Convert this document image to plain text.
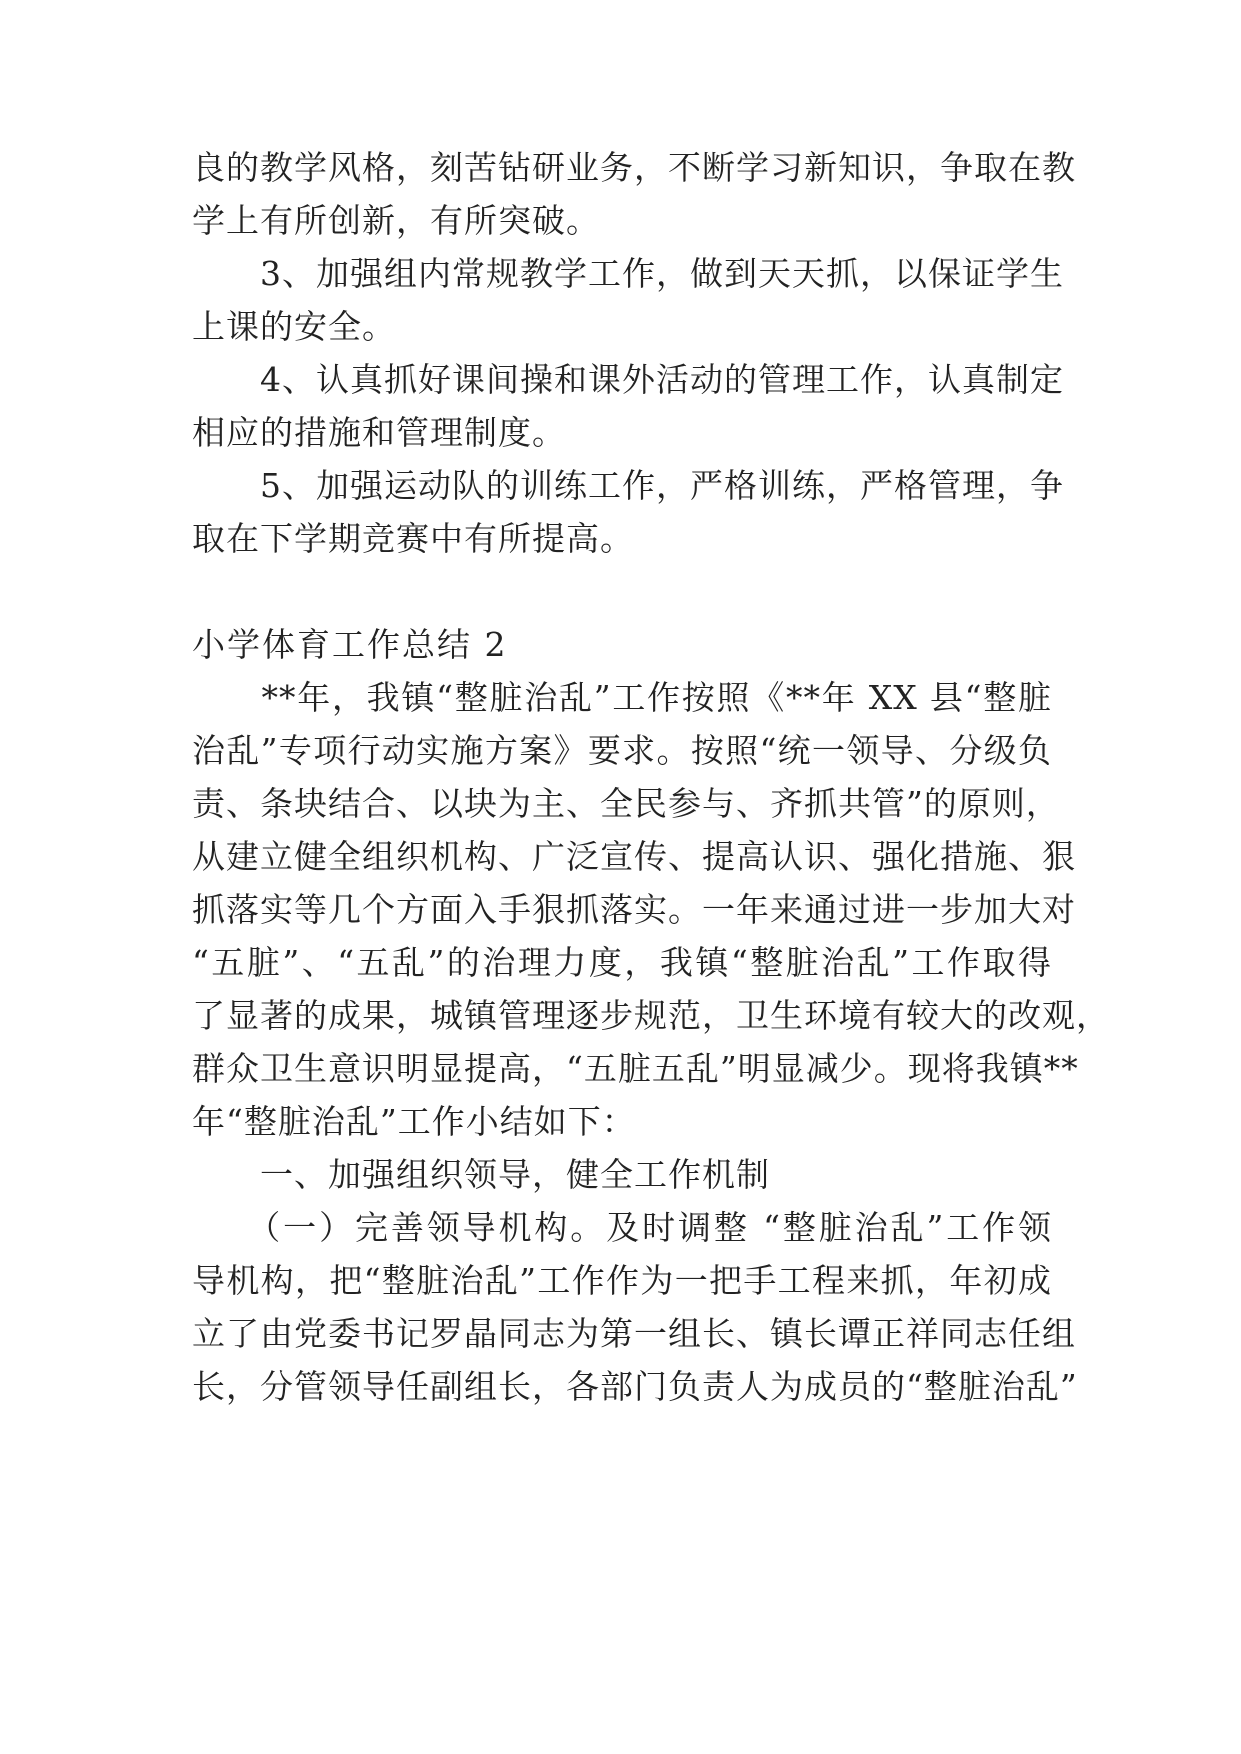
良的教学风格，刻苦钻研业务，不断学习新知识，争取在教
学上有所创新，有所突破。
　　3、加强组内常规教学工作，做到天天抓，以保证学生
上课的安全。
　　4、认真抓好课间操和课外活动的管理工作，认真制定
相应的措施和管理制度。
　　5、加强运动队的训练工作，严格训练，严格管理，争
取在下学期竞赛中有所提高。
小学体育工作总结 2
　　**年，我镇“整脏治乱”工作按照《**年 XX 县“整脏
治乱”专项行动实施方案》要求。按照“统一领导、分级负
责、条块结合、以块为主、全民参与、齐抓共管”的原则，
从建立健全组织机构、广泛宣传、提高认识、强化措施、狠
抓落实等几个方面入手狠抓落实。一年来通过进一步加大对
“五脏”、“五乱”的治理力度，我镇“整脏治乱”工作取得
了显著的成果，城镇管理逐步规范，卫生环境有较大的改观，
群众卫生意识明显提高，“五脏五乱”明显减少。现将我镇**
年“整脏治乱”工作小结如下：
　　一、加强组织领导，健全工作机制
　　（一）完善领导机构。及时调整 “整脏治乱”工作领
导机构，把“整脏治乱”工作作为一把手工程来抓，年初成
立了由党委书记罗晶同志为第一组长、镇长谭正祥同志任组
长，分管领导任副组长，各部门负责人为成员的“整脏治乱”
